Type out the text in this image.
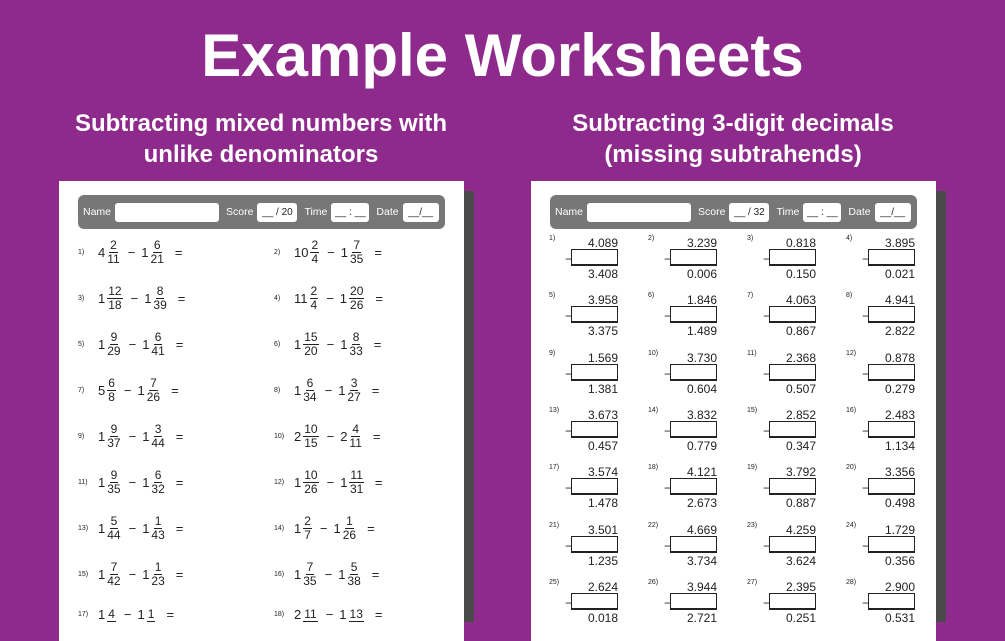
Example Worksheets
Subtracting mixed numbers with
unlike denominators
Subtracting 3-digit decimals
(missing subtrahends)
Name	Score __ / 20	Time __ : __	Date __/__
1)	$4 \frac{2}{11} - 1 \frac{6}{21}$ =	2)	$10 \frac{2}{4} - 1 \frac{7}{35}$ =
3)	$1 \frac{12}{18} - 1 \frac{8}{39}$ =	4)	$11 \frac{2}{4} - 1 \frac{20}{26}$ =
5)	$1 \frac{9}{29} - 1 \frac{6}{41}$ =	6)	$1 \frac{15}{20} - 1 \frac{8}{33}$ =
7)	$5 \frac{6}{8} - 1 \frac{7}{26}$ =	8)	$1 \frac{6}{34} - 1 \frac{3}{27}$ =
9)	$1 \frac{9}{37} - 1 \frac{3}{44}$ =	10) $2 \frac{10}{15} - 2 \frac{4}{11}$ =
11) $1 \frac{9}{35} - 1 \frac{6}{32}$ =	12) $1 \frac{10}{26} - 1 \frac{11}{31}$ =
13) $1 \frac{5}{44} - 1 \frac{1}{43}$ =	14) $1 \frac{2}{7} - 1 \frac{1}{26}$ =
15) $1 \frac{7}{42} - 1 \frac{1}{23}$ =	16) $1 \frac{7}{35} - 1 \frac{5}{38}$ =
17) 1 4 − 1 1 =	18) 2 11 − 1 13 =
Name	Score __ / 32	Time __ : __	Date __/__
1)	4.089
−
3.408
2)	3.239
−
0.006
3)	0.818
−
0.150
4)	3.895
−
0.021
5)	3.958
−
3.375
6)	1.846
−
1.489
7)	4.063
−
0.867
8)	4.941
−
2.822
9)	1.569
−
1.381
10) 3.730
−
0.604
11) 2.368
−
0.507
12) 0.878
−
0.279
13) 3.673
−
0.457
14) 3.832
−
0.779
15) 2.852
−
0.347
16) 2.483
−
1.134
17) 3.574
−
1.478
18) 4.121
−
2.673
19) 3.792
−
0.887
20) 3.356
−
0.498
21) 3.501
−
1.235
22) 4.669
−
3.734
23) 4.259
−
3.624
24) 1.729
−
0.356
25) 2.624
−
0.018
26) 3.944
−
2.721
27) 2.395
−
0.251
28) 2.900
−
0.531
